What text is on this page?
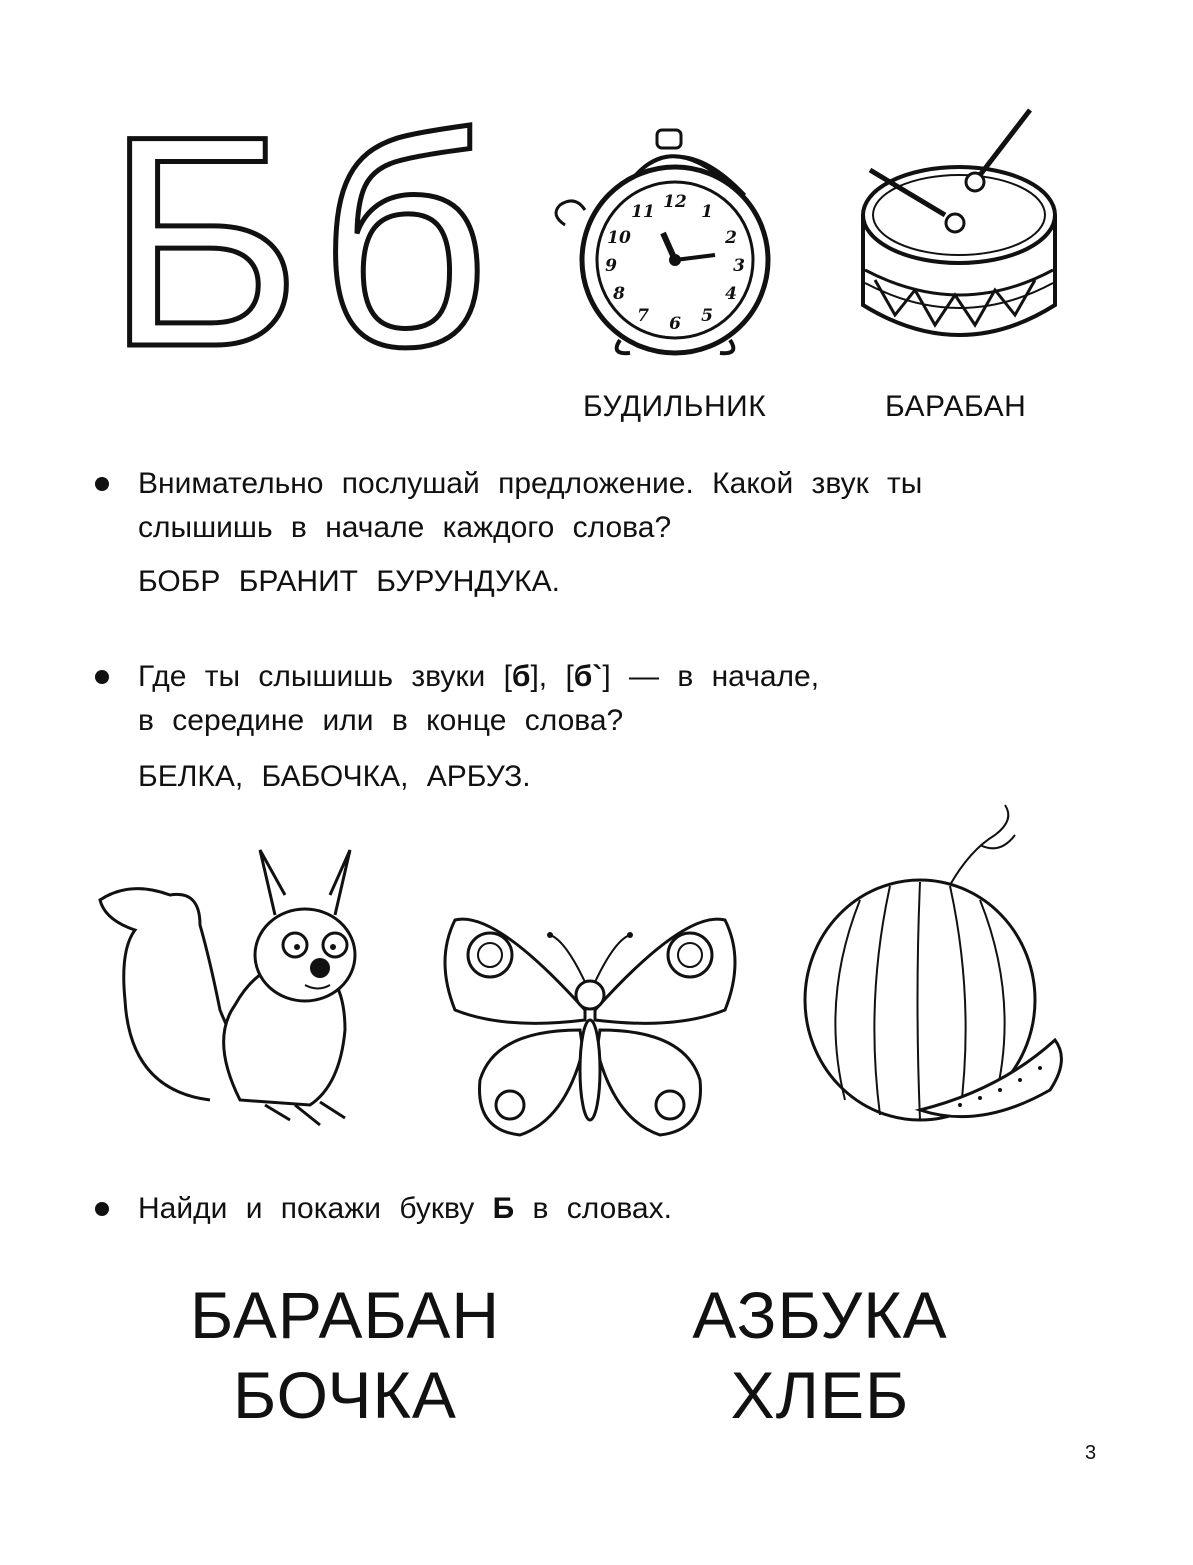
Б б	12 1
2
3
4
5
6
7
8
9
10
11
БУДИЛЬНИК	БАРАБАН
Внимательно послушай предложение. Какой звук ты
слышишь в начале каждого слова?
БОБР БРАНИТ БУРУНДУКА.
Где ты слышишь звуки [б], [б`] — в начале,
в середине или в конце слова?
БЕЛКА, БАБОЧКА, АРБУЗ.
Найди и покажи букву Б в словах.
БАРАБАН
БОЧКА
АЗБУКА
ХЛЕБ
3
